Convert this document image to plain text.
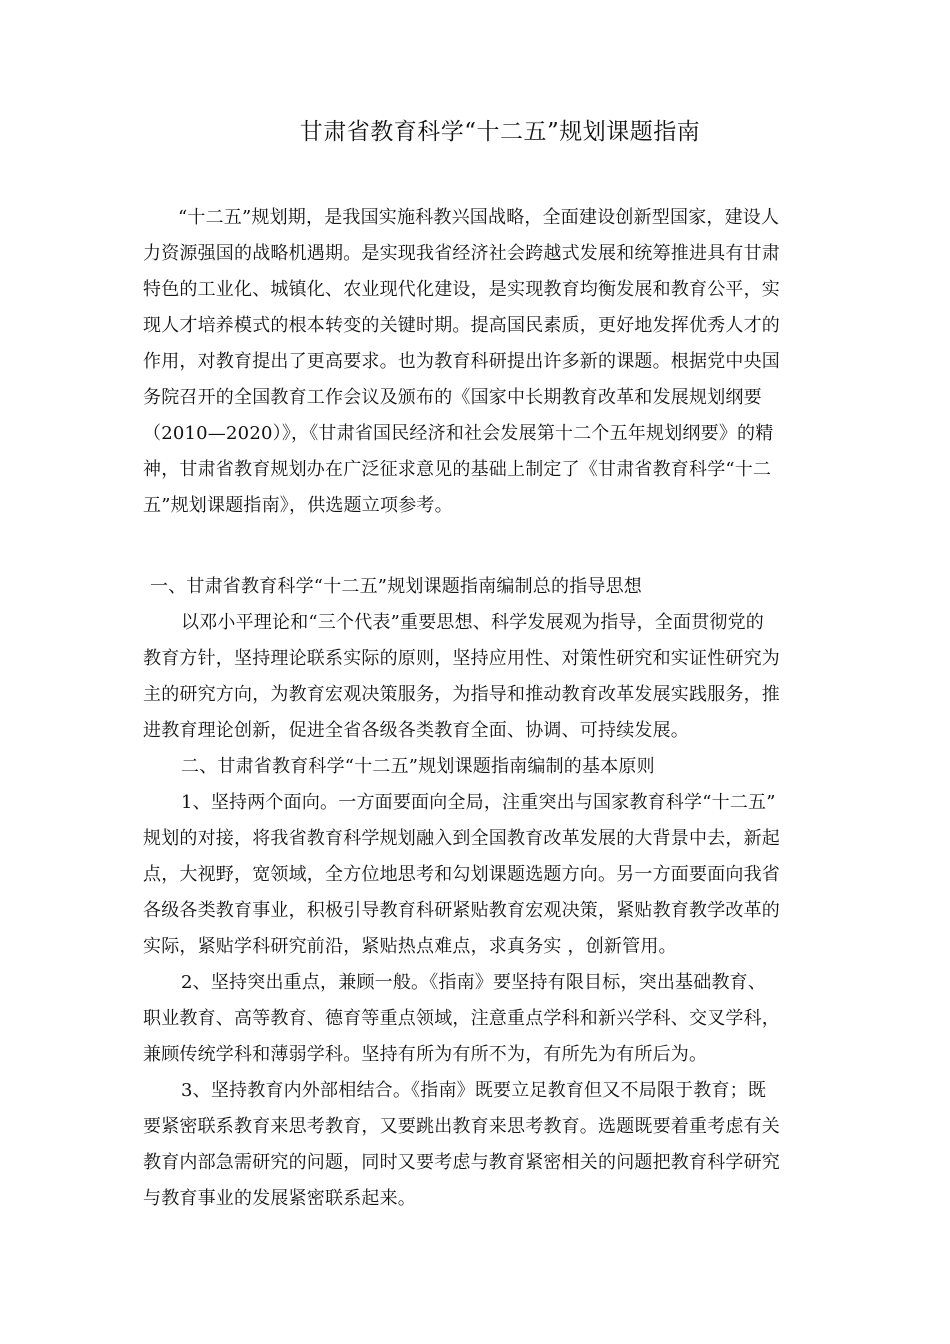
甘肃省教育科学“十二五”规划课题指南
“十二五”规划期，是我国实施科教兴国战略，全面建设创新型国家，建设人
力资源强国的战略机遇期。是实现我省经济社会跨越式发展和统筹推进具有甘肃
特色的工业化、城镇化、农业现代化建设，是实现教育均衡发展和教育公平，实
现人才培养模式的根本转变的关键时期。提高国民素质，更好地发挥优秀人才的
作用，对教育提出了更高要求。也为教育科研提出许多新的课题。根据党中央国
务院召开的全国教育工作会议及颁布的《国家中长期教育改革和发展规划纲要
（2010—2020）》，《甘肃省国民经济和社会发展第十二个五年规划纲要》的精
神，甘肃省教育规划办在广泛征求意见的基础上制定了《甘肃省教育科学“十二
五”规划课题指南》，供选题立项参考。
一、甘肃省教育科学“十二五”规划课题指南编制总的指导思想
以邓小平理论和“三个代表”重要思想、科学发展观为指导，全面贯彻党的
教育方针，坚持理论联系实际的原则，坚持应用性、对策性研究和实证性研究为
主的研究方向，为教育宏观决策服务，为指导和推动教育改革发展实践服务，推
进教育理论创新，促进全省各级各类教育全面、协调、可持续发展。
二、甘肃省教育科学“十二五”规划课题指南编制的基本原则
1、坚持两个面向。一方面要面向全局，注重突出与国家教育科学“十二五”
规划的对接，将我省教育科学规划融入到全国教育改革发展的大背景中去，新起
点，大视野，宽领域，全方位地思考和勾划课题选题方向。另一方面要面向我省
各级各类教育事业，积极引导教育科研紧贴教育宏观决策，紧贴教育教学改革的
实际，紧贴学科研究前沿，紧贴热点难点，求真务实 ，创新管用。
2、坚持突出重点，兼顾一般。《指南》要坚持有限目标，突出基础教育、
职业教育、高等教育、德育等重点领域，注意重点学科和新兴学科、交叉学科，
兼顾传统学科和薄弱学科。坚持有所为有所不为，有所先为有所后为。
3、坚持教育内外部相结合。《指南》既要立足教育但又不局限于教育；既
要紧密联系教育来思考教育，又要跳出教育来思考教育。选题既要着重考虑有关
教育内部急需研究的问题，同时又要考虑与教育紧密相关的问题把教育科学研究
与教育事业的发展紧密联系起来。
